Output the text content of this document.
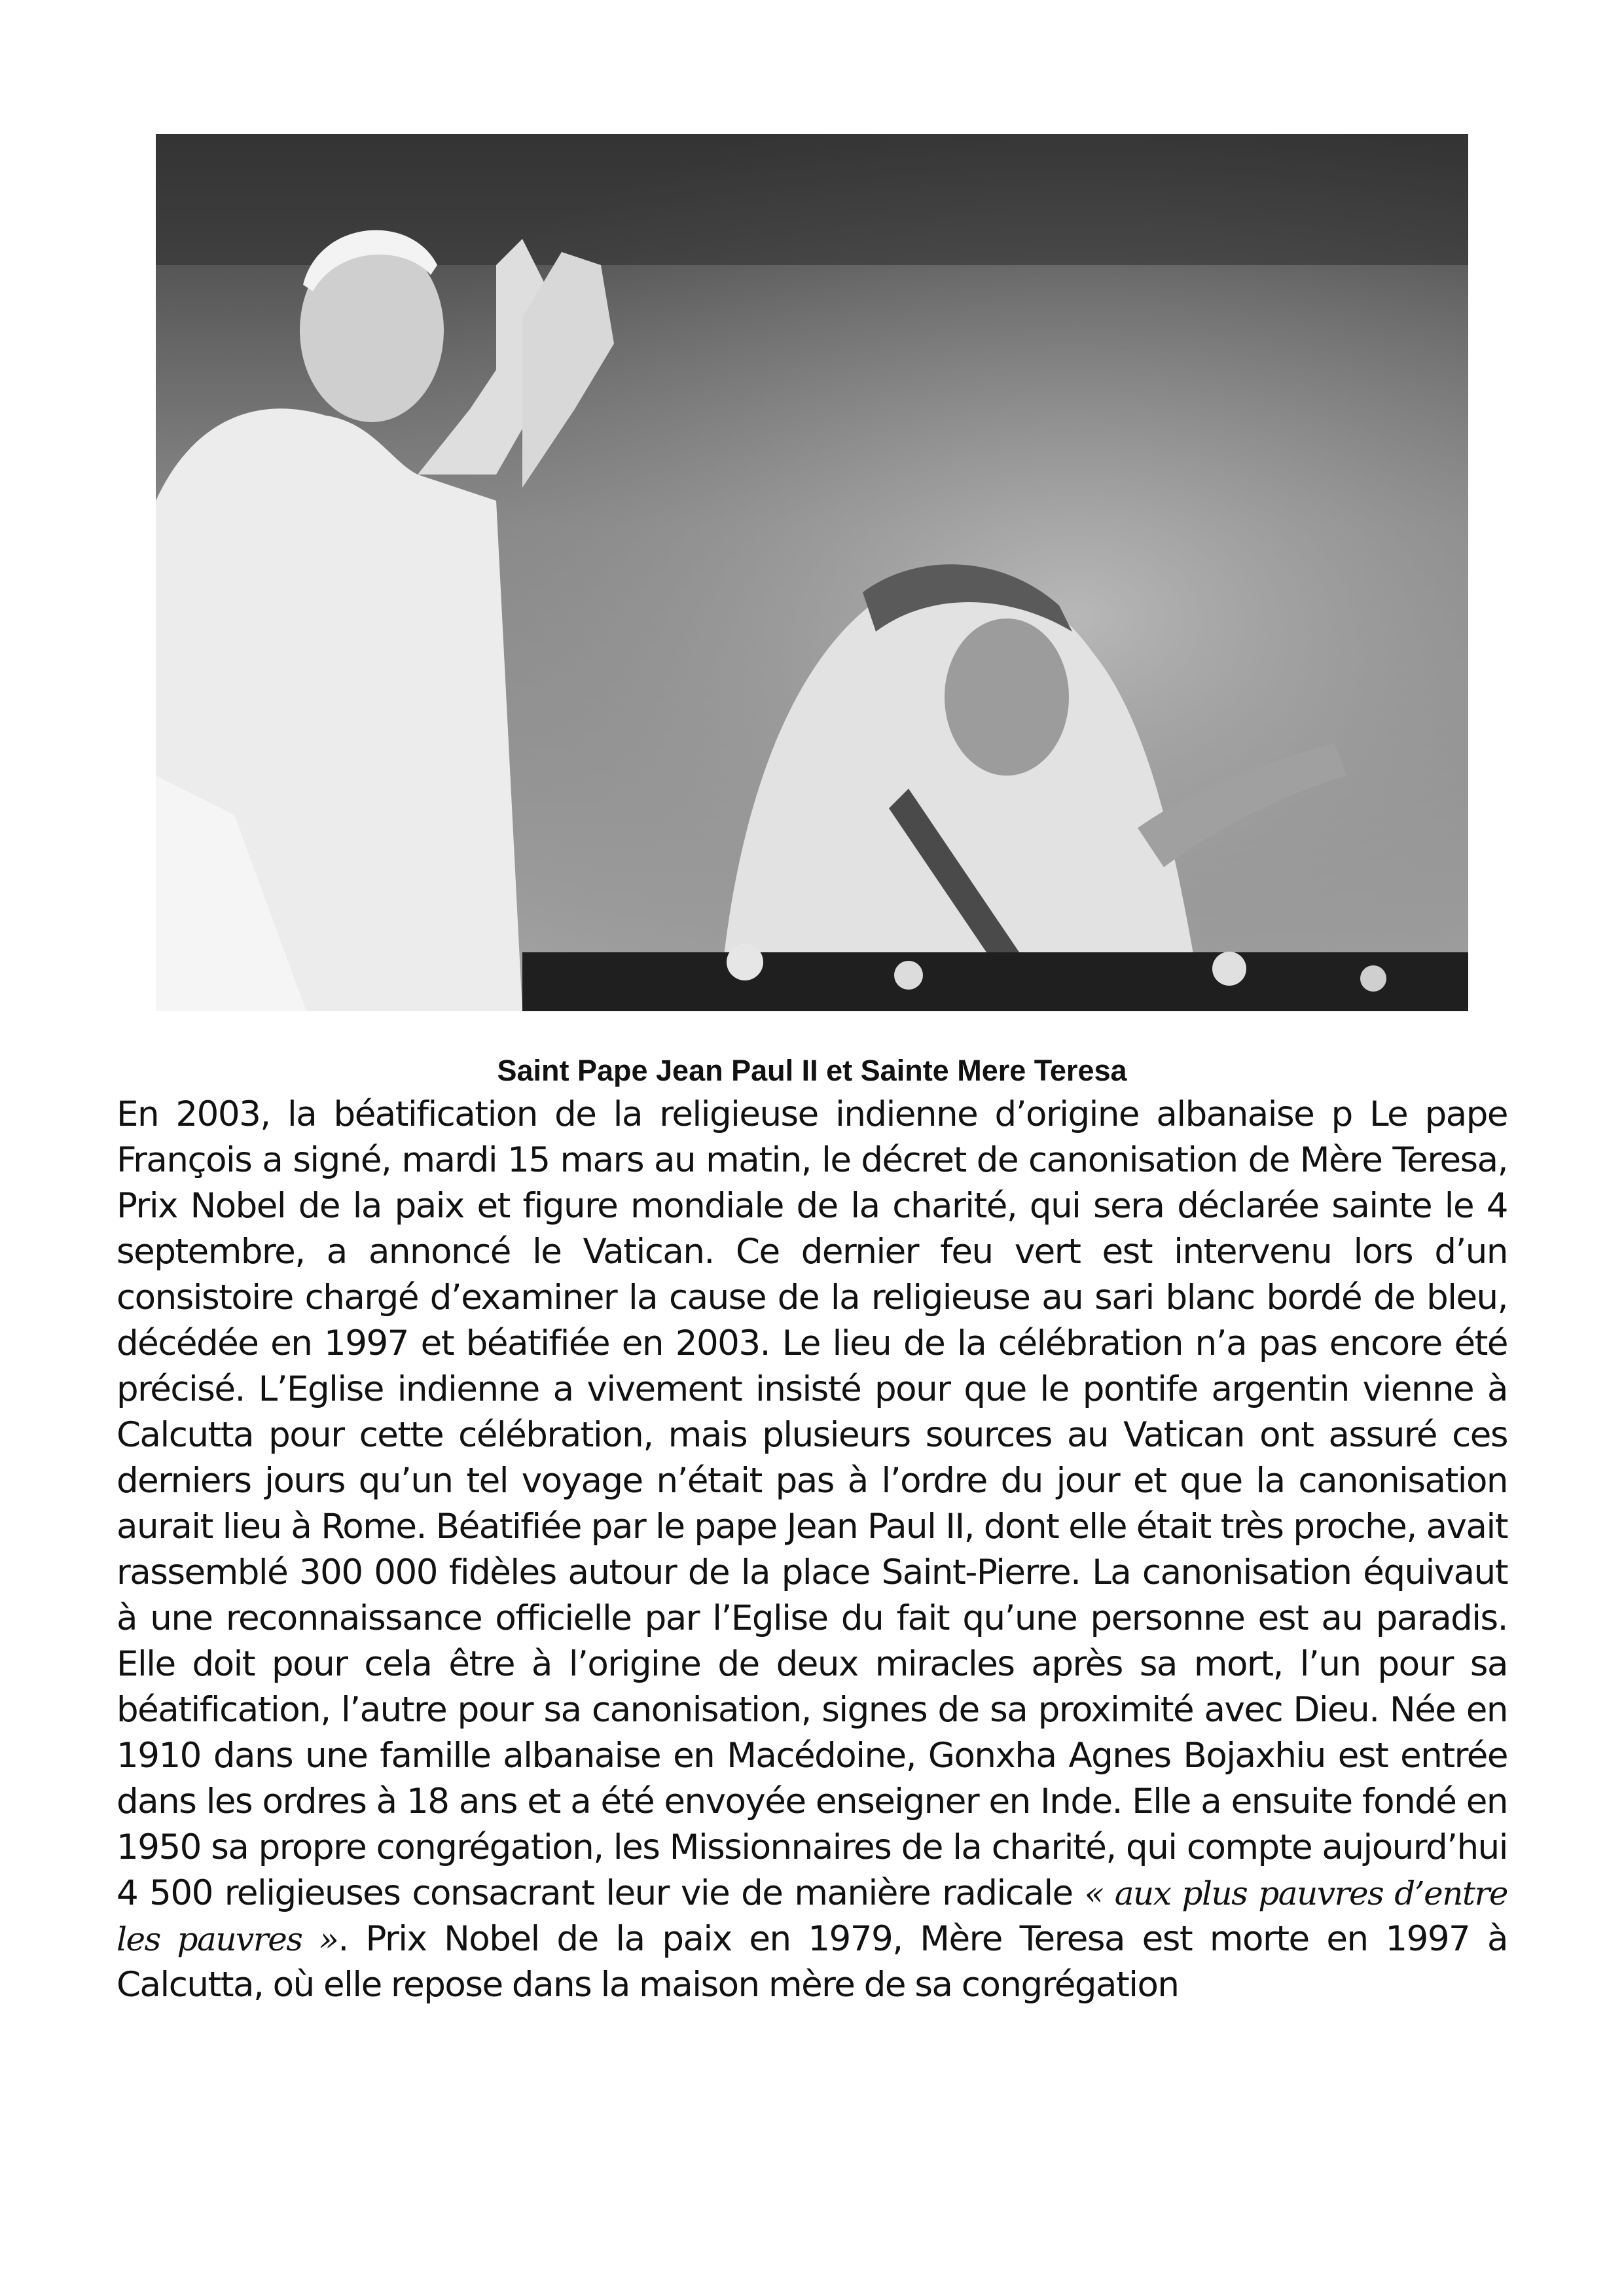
Saint Pape Jean Paul II et Sainte Mere Teresa

En 2003, la béatification de la religieuse indienne d’origine albanaise p Le pape François a signé, mardi 15 mars au matin, le décret de canonisation de Mère Teresa, Prix Nobel de la paix et figure mondiale de la charité, qui sera déclarée sainte le 4 septembre, a annoncé le Vatican. Ce dernier feu vert est intervenu lors d’un consistoire chargé d’examiner la cause de la religieuse au sari blanc bordé de bleu, décédée en 1997 et béatifiée en 2003. Le lieu de la célébration n’a pas encore été précisé. L’Eglise indienne a vivement insisté pour que le pontife argentin vienne à Calcutta pour cette célébration, mais plusieurs sources au Vatican ont assuré ces derniers jours qu’un tel voyage n’était pas à l’ordre du jour et que la canonisation aurait lieu à Rome. Béatifiée par le pape Jean Paul II, dont elle était très proche, avait rassemblé 300 000 fidèles autour de la place Saint-Pierre. La canonisation équivaut à une reconnaissance officielle par l’Eglise du fait qu’une personne est au paradis. Elle doit pour cela être à l’origine de deux miracles après sa mort, l’un pour sa béatification, l’autre pour sa canonisation, signes de sa proximité avec Dieu. Née en 1910 dans une famille albanaise en Macédoine, Gonxha Agnes Bojaxhiu est entrée dans les ordres à 18 ans et a été envoyée enseigner en Inde. Elle a ensuite fondé en 1950 sa propre congrégation, les Missionnaires de la charité, qui compte aujourd’hui 4 500 religieuses consacrant leur vie de manière radicale « aux plus pauvres d’entre les pauvres ». Prix Nobel de la paix en 1979, Mère Teresa est morte en 1997 à Calcutta, où elle repose dans la maison mère de sa congrégation
